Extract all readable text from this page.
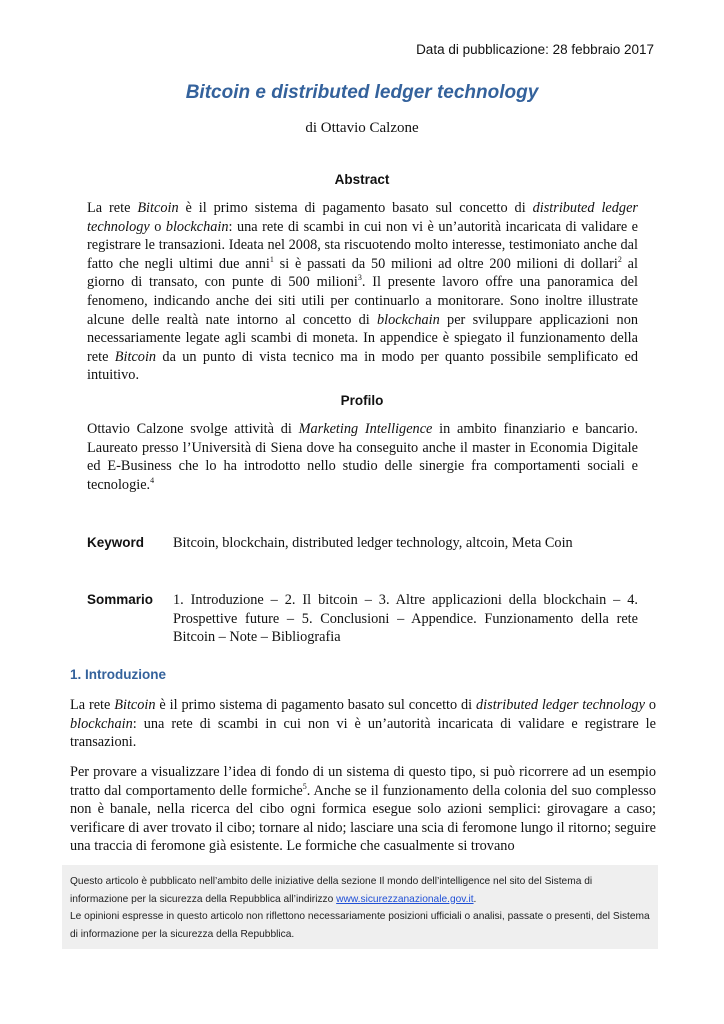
Data di pubblicazione: 28 febbraio 2017
Bitcoin e distributed ledger technology
di Ottavio Calzone
Abstract

La rete Bitcoin è il primo sistema di pagamento basato sul concetto di distributed ledger technology o blockchain: una rete di scambi in cui non vi è un’autorità incaricata di validare e registrare le transazioni. Ideata nel 2008, sta riscuotendo molto interesse, testimoniato anche dal fatto che negli ultimi due anni$^1$ si è passati da 50 milioni ad oltre 200 milioni di dollari$^2$ al giorno di transato, con punte di 500 milioni$^3$. Il presente lavoro offre una panoramica del fenomeno, indicando anche dei siti utili per continuarlo a monitorare. Sono inoltre illustrate alcune delle realtà nate intorno al concetto di blockchain per sviluppare applicazioni non necessariamente legate agli scambi di moneta. In appendice è spiegato il funzionamento della rete Bitcoin da un punto di vista tecnico ma in modo per quanto possibile semplificato ed intuitivo.

Profilo

Ottavio Calzone svolge attività di Marketing Intelligence in ambito finanziario e bancario. Laureato presso l’Università di Siena dove ha conseguito anche il master in Economia Digitale ed E-Business che lo ha introdotto nello studio delle sinergie fra comportamenti sociali e tecnologie.$^4$

Keyword Bitcoin, blockchain, distributed ledger technology, altcoin, Meta Coin
Sommario 1. Introduzione – 2. Il bitcoin – 3. Altre applicazioni della blockchain – 4. Prospettive future – 5. Conclusioni – Appendice. Funzionamento della rete Bitcoin – Note – Bibliografia
1. Introduzione

La rete Bitcoin è il primo sistema di pagamento basato sul concetto di distributed ledger technology o blockchain: una rete di scambi in cui non vi è un’autorità incaricata di validare e registrare le transazioni.

Per provare a visualizzare l’idea di fondo di un sistema di questo tipo, si può ricorrere ad un esempio tratto dal comportamento delle formiche$^5$. Anche se il funzionamento della colonia del suo complesso non è banale, nella ricerca del cibo ogni formica esegue solo azioni semplici: girovagare a caso; verificare di aver trovato il cibo; tornare al nido; lasciare una scia di feromone lungo il ritorno; seguire una traccia di feromone già esistente. Le formiche che casualmente si trovano

Questo articolo è pubblicato nell’ambito delle iniziative della sezione Il mondo dell’intelligence nel sito del Sistema di informazione per la sicurezza della Repubblica all’indirizzo www.sicurezzanazionale.gov.it.
Le opinioni espresse in questo articolo non riflettono necessariamente posizioni ufficiali o analisi, passate o presenti, del Sistema di informazione per la sicurezza della Repubblica.
